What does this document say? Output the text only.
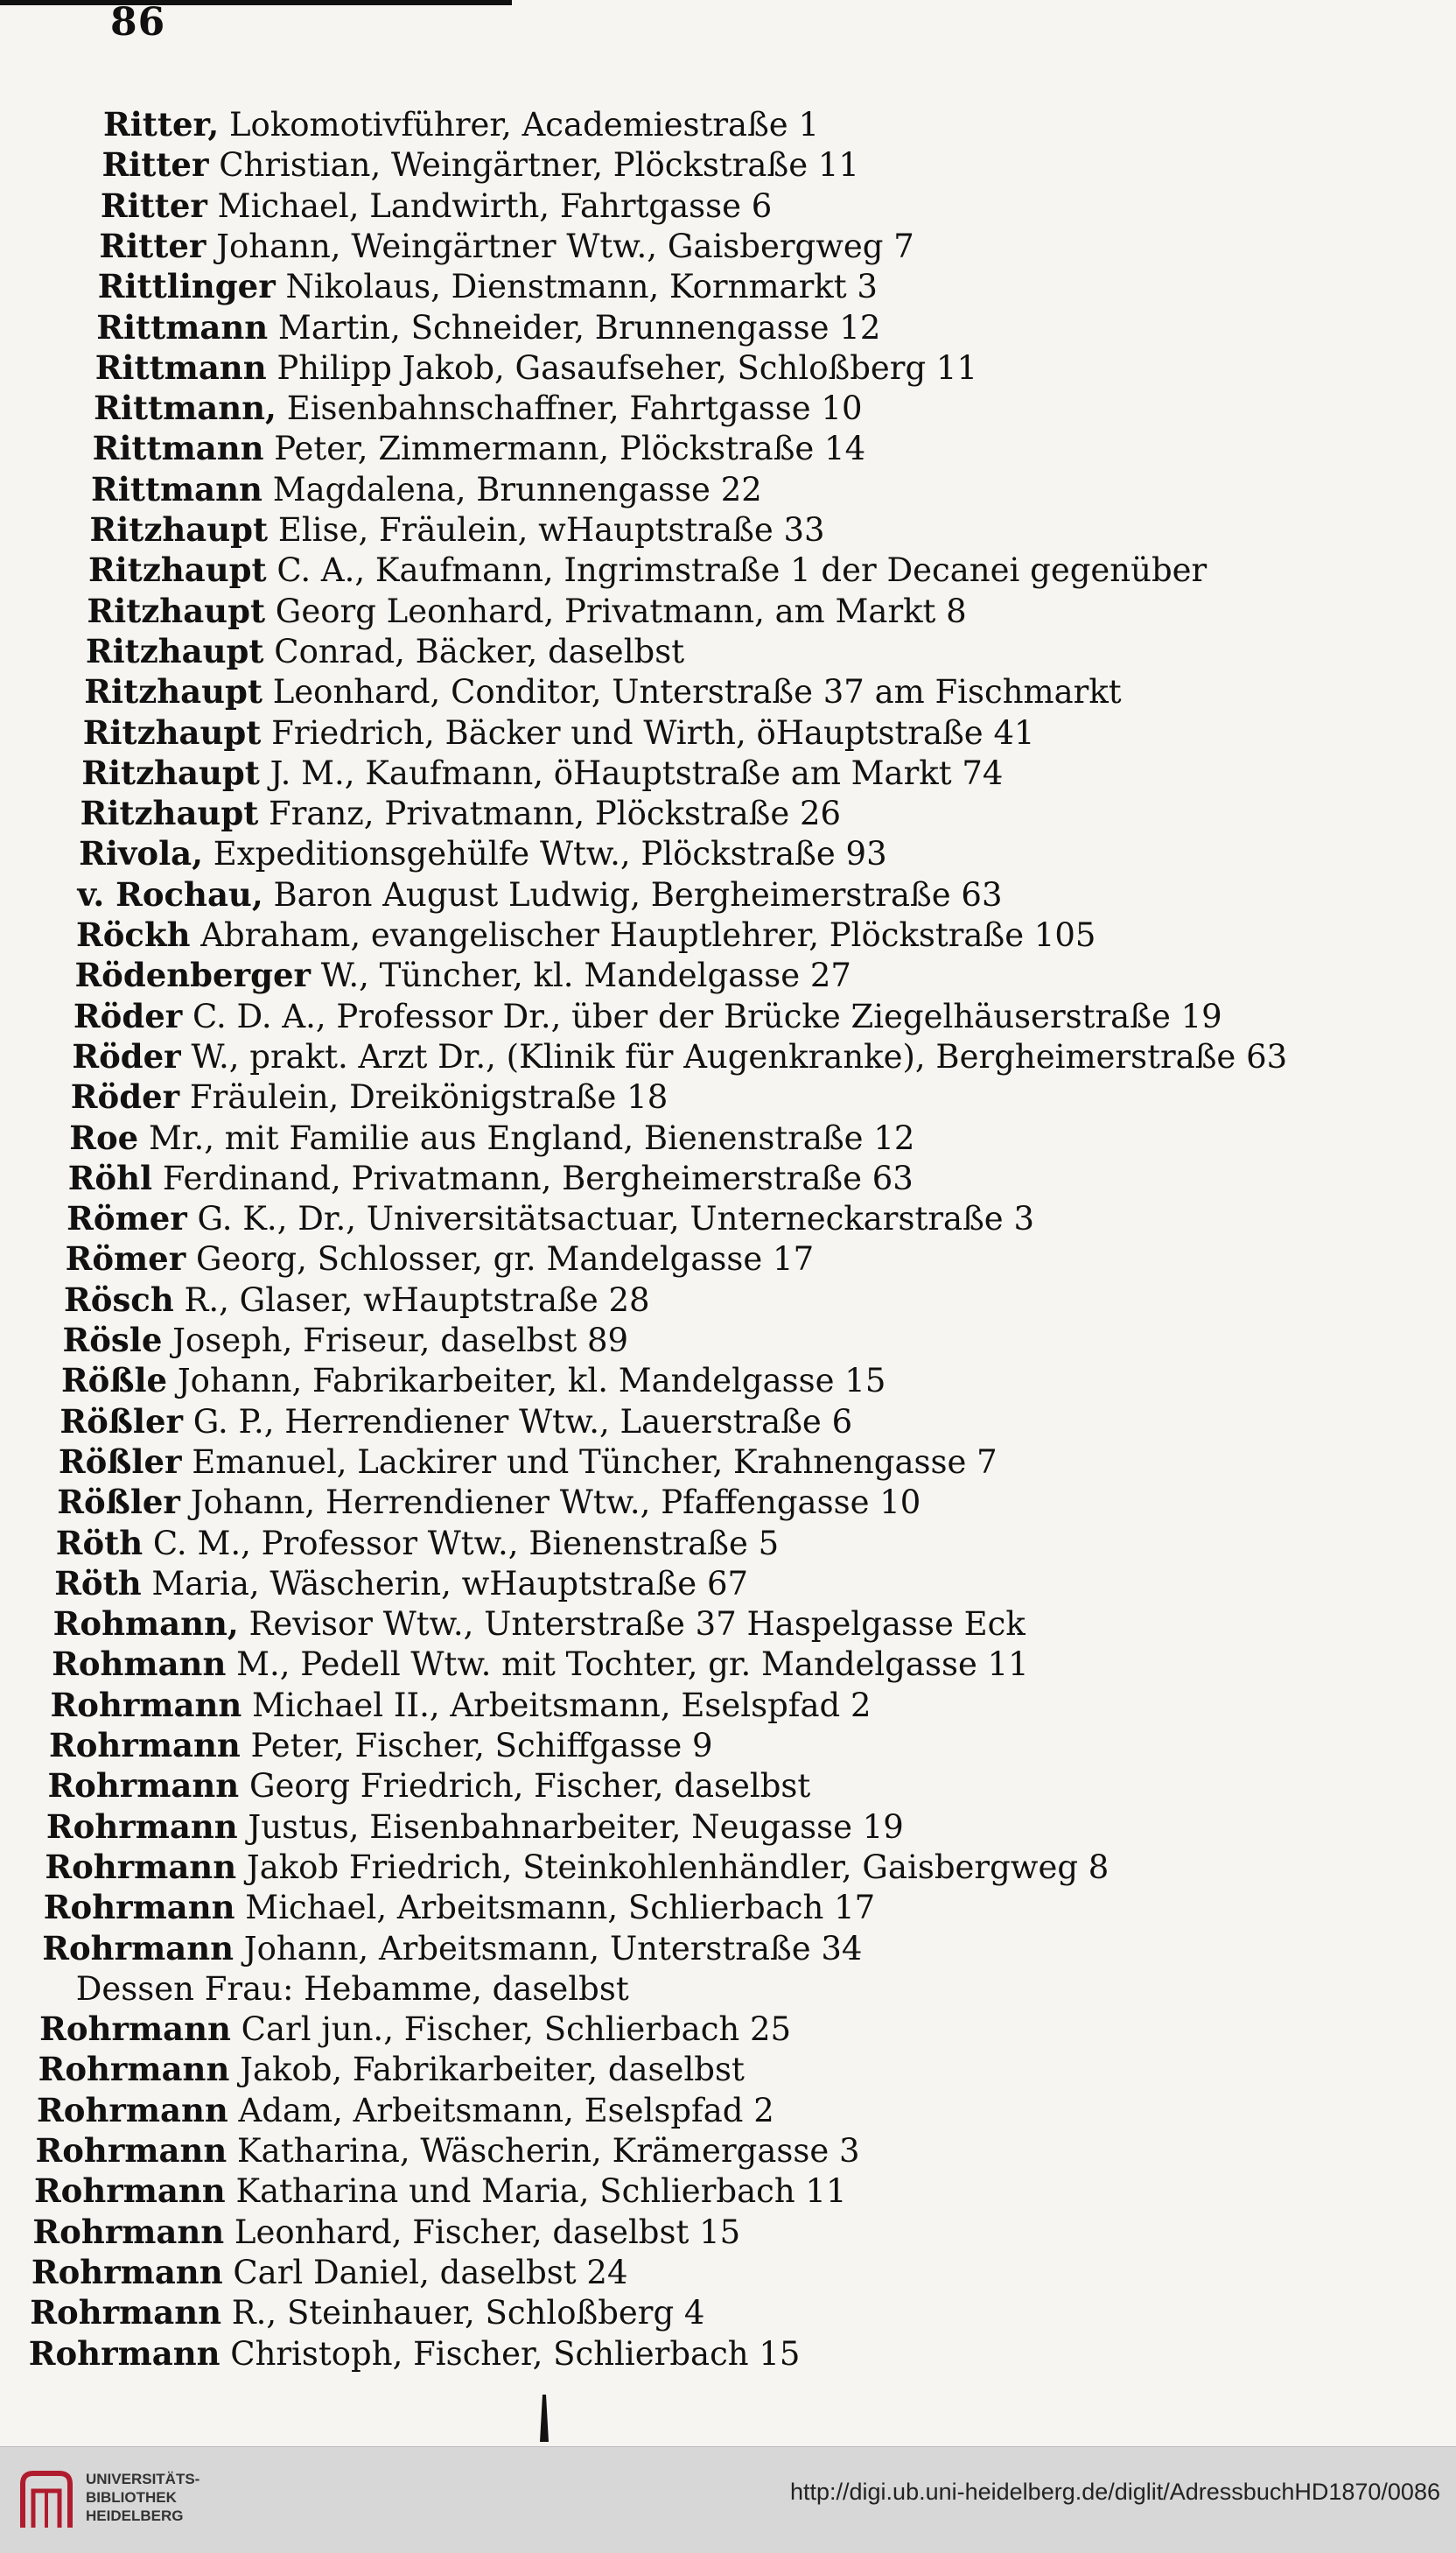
86
Ritter, Lokomotivführer, Academiestraße 1
Ritter Christian, Weingärtner, Plöckstraße 11
Ritter Michael, Landwirth, Fahrtgasse 6
Ritter Johann, Weingärtner Wtw., Gaisbergweg 7
Rittlinger Nikolaus, Dienstmann, Kornmarkt 3
Rittmann Martin, Schneider, Brunnengasse 12
Rittmann Philipp Jakob, Gasaufseher, Schloßberg 11
Rittmann, Eisenbahnschaffner, Fahrtgasse 10
Rittmann Peter, Zimmermann, Plöckstraße 14
Rittmann Magdalena, Brunnengasse 22
Ritzhaupt Elise, Fräulein, wHauptstraße 33
Ritzhaupt C. A., Kaufmann, Ingrimstraße 1 der Decanei gegenüber
Ritzhaupt Georg Leonhard, Privatmann, am Markt 8
Ritzhaupt Conrad, Bäcker, daselbst
Ritzhaupt Leonhard, Conditor, Unterstraße 37 am Fischmarkt
Ritzhaupt Friedrich, Bäcker und Wirth, öHauptstraße 41
Ritzhaupt J. M., Kaufmann, öHauptstraße am Markt 74
Ritzhaupt Franz, Privatmann, Plöckstraße 26
Rivola, Expeditionsgehülfe Wtw., Plöckstraße 93
v. Rochau, Baron August Ludwig, Bergheimerstraße 63
Röckh Abraham, evangelischer Hauptlehrer, Plöckstraße 105
Rödenberger W., Tüncher, kl. Mandelgasse 27
Röder C. D. A., Professor Dr., über der Brücke Ziegelhäuserstraße 19
Röder W., prakt. Arzt Dr., (Klinik für Augenkranke), Bergheimerstraße 63
Röder Fräulein, Dreikönigstraße 18
Roe Mr., mit Familie aus England, Bienenstraße 12
Röhl Ferdinand, Privatmann, Bergheimerstraße 63
Römer G. K., Dr., Universitätsactuar, Unterneckarstraße 3
Römer Georg, Schlosser, gr. Mandelgasse 17
Rösch R., Glaser, wHauptstraße 28
Rösle Joseph, Friseur, daselbst 89
Rößle Johann, Fabrikarbeiter, kl. Mandelgasse 15
Rößler G. P., Herrendiener Wtw., Lauerstraße 6
Rößler Emanuel, Lackirer und Tüncher, Krahnengasse 7
Rößler Johann, Herrendiener Wtw., Pfaffengasse 10
Röth C. M., Professor Wtw., Bienenstraße 5
Röth Maria, Wäscherin, wHauptstraße 67
Rohmann, Revisor Wtw., Unterstraße 37 Haspelgasse Eck
Rohmann M., Pedell Wtw. mit Tochter, gr. Mandelgasse 11
Rohrmann Michael II., Arbeitsmann, Eselspfad 2
Rohrmann Peter, Fischer, Schiffgasse 9
Rohrmann Georg Friedrich, Fischer, daselbst
Rohrmann Justus, Eisenbahnarbeiter, Neugasse 19
Rohrmann Jakob Friedrich, Steinkohlenhändler, Gaisbergweg 8
Rohrmann Michael, Arbeitsmann, Schlierbach 17
Rohrmann Johann, Arbeitsmann, Unterstraße 34
Dessen Frau: Hebamme, daselbst
Rohrmann Carl jun., Fischer, Schlierbach 25
Rohrmann Jakob, Fabrikarbeiter, daselbst
Rohrmann Adam, Arbeitsmann, Eselspfad 2
Rohrmann Katharina, Wäscherin, Krämergasse 3
Rohrmann Katharina und Maria, Schlierbach 11
Rohrmann Leonhard, Fischer, daselbst 15
Rohrmann Carl Daniel, daselbst 24
Rohrmann R., Steinhauer, Schloßberg 4
Rohrmann Christoph, Fischer, Schlierbach 15
UNIVERSITÄTS-
BIBLIOTHEK
HEIDELBERG
http://digi.ub.uni-heidelberg.de/diglit/AdressbuchHD1870/0086
